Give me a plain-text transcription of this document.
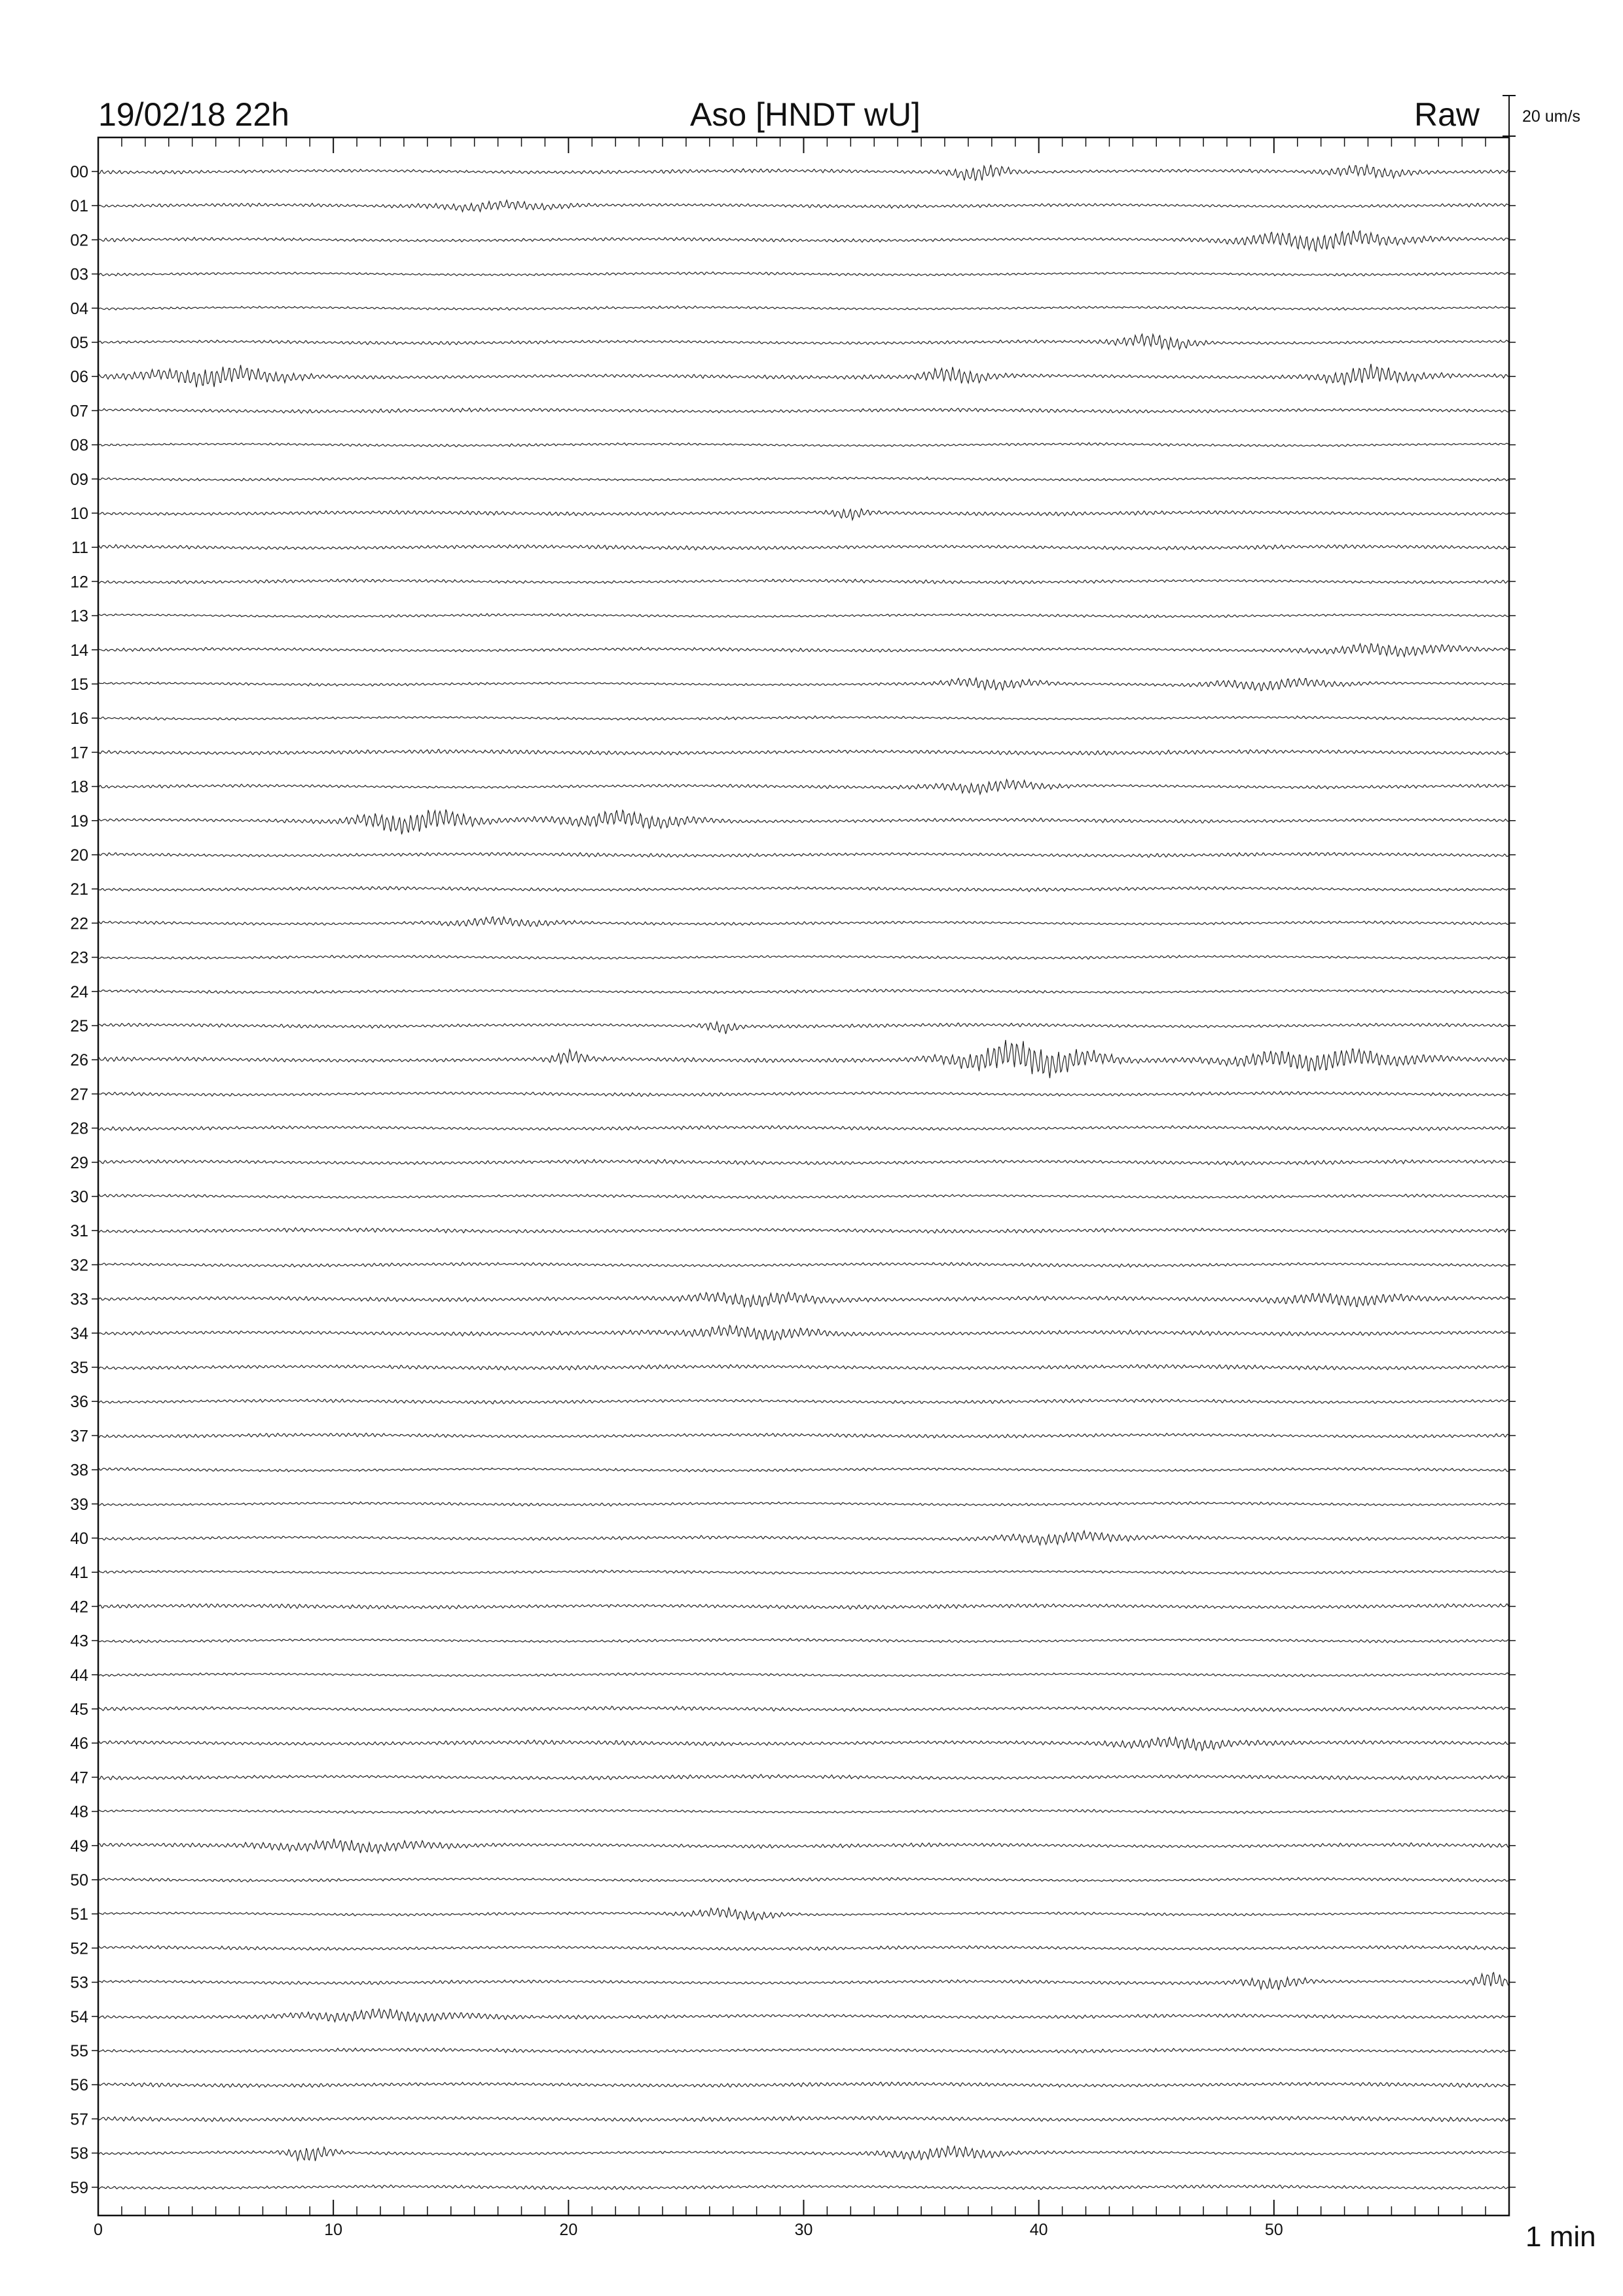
19/02/18 22h	Aso [HNDT wU]	Raw	20 um/s
0	10	20	30	40	50
00
01
02
03
04
05
06
07
08
09
10
11
12
13
14
15
16
17
18
19
20
21
22
23
24
25
26
27
28
29
30
31
32
33
34
35
36
37
38
39
40
41
42
43
44
45
46
47
48
49
50
51
52
53
54
55
56
57
58
59
1 min
